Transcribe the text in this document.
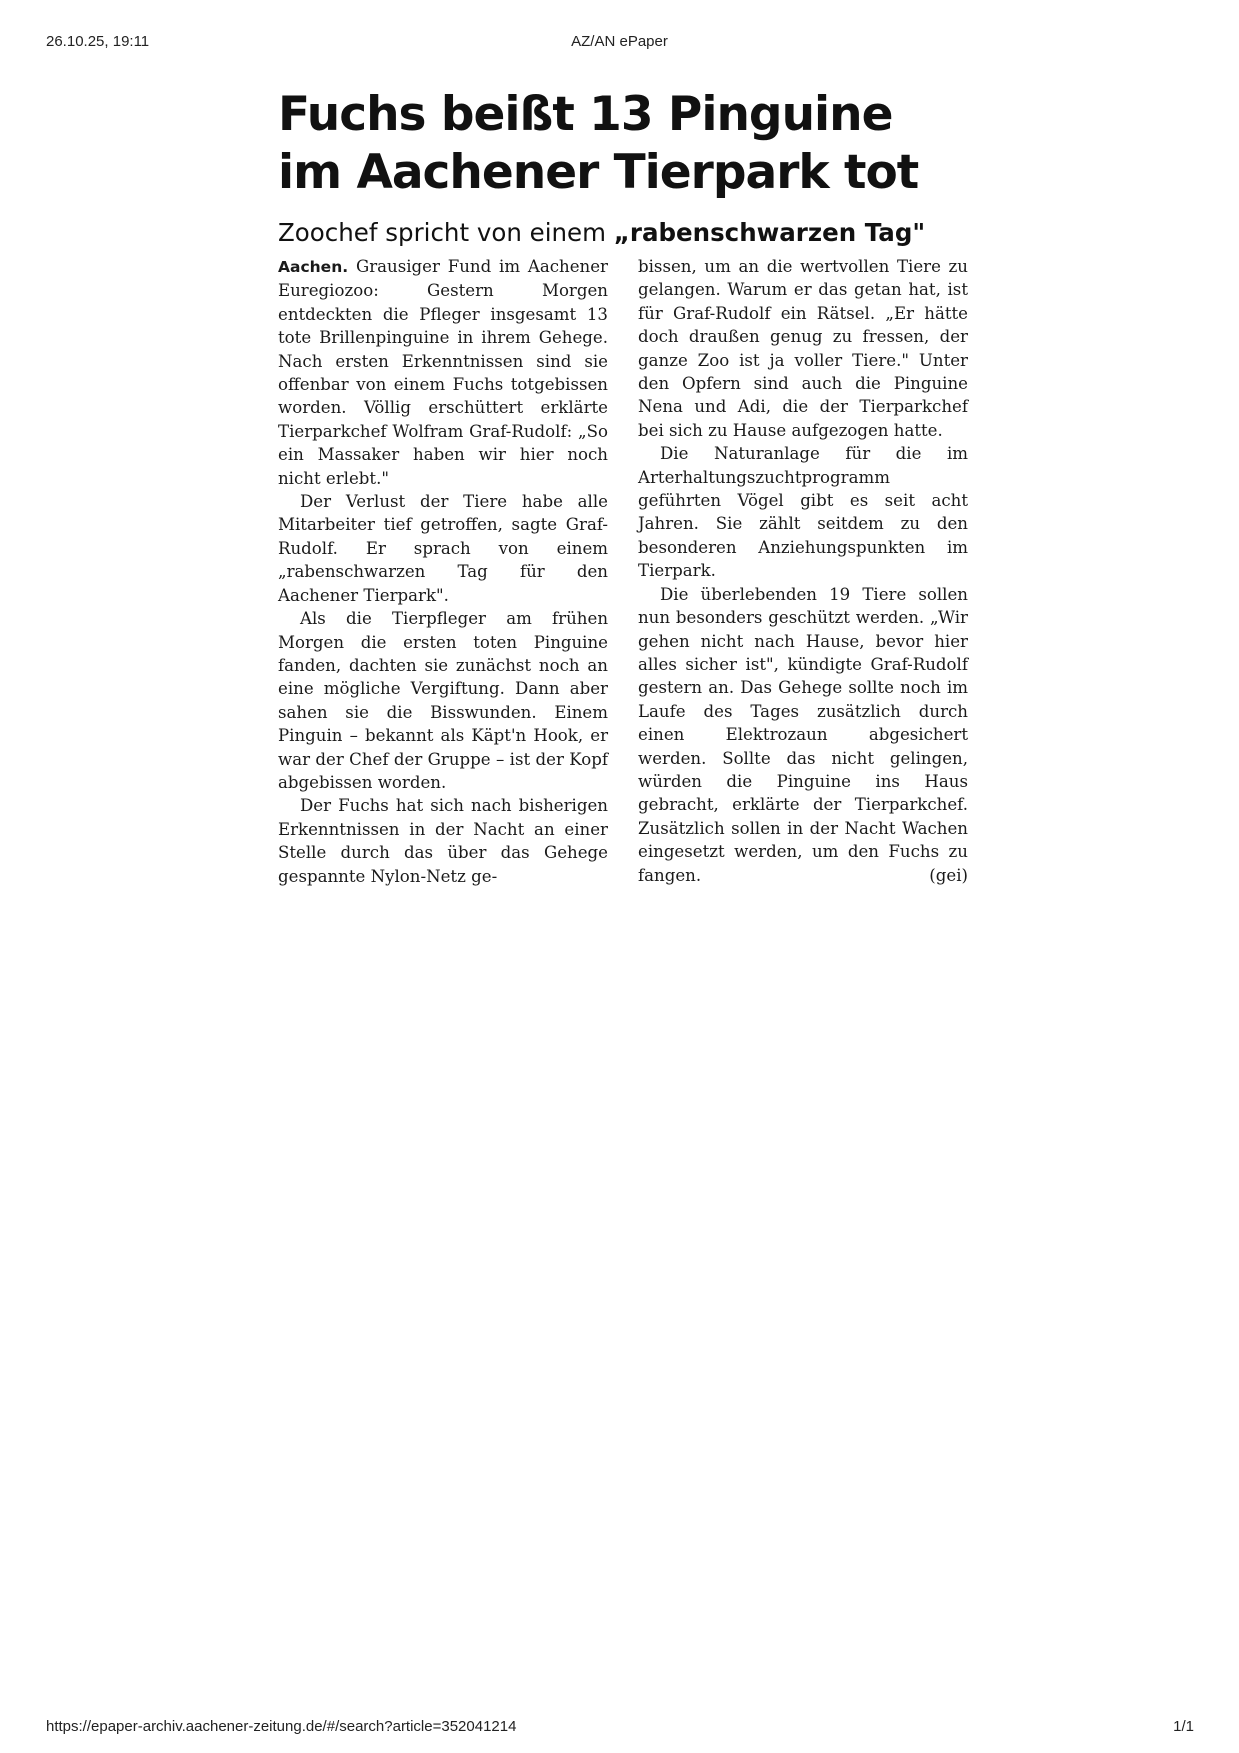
26.10.25, 19:11	AZ/AN ePaper
Fuchs beißt 13 Pinguine
im Aachener Tierpark tot
Zoochef spricht von einem „rabenschwarzen Tag"

Aachen. Grausiger Fund im Aachener Euregiozoo: Gestern Morgen entdeckten die Pfleger insgesamt 13 tote Brillenpinguine in ihrem Gehege. Nach ersten Erkenntnissen sind sie offenbar von einem Fuchs totgebissen worden. Völlig erschüttert erklärte Tierparkchef Wolfram Graf-Rudolf: „So ein Massaker haben wir hier noch nicht erlebt."

Der Verlust der Tiere habe alle Mitarbeiter tief getroffen, sagte Graf-Rudolf. Er sprach von einem „rabenschwarzen Tag für den Aachener Tierpark".

Als die Tierpfleger am frühen Morgen die ersten toten Pinguine fanden, dachten sie zunächst noch an eine mögliche Vergiftung. Dann aber sahen sie die Bisswunden. Einem Pinguin – bekannt als Käpt'n Hook, er war der Chef der Gruppe – ist der Kopf abgebissen worden.

Der Fuchs hat sich nach bisherigen Erkenntnissen in der Nacht an einer Stelle durch das über das Gehege gespannte Nylon-Netz ge-

bissen, um an die wertvollen Tiere zu gelangen. Warum er das getan hat, ist für Graf-Rudolf ein Rätsel. „Er hätte doch draußen genug zu fressen, der ganze Zoo ist ja voller Tiere." Unter den Opfern sind auch die Pinguine Nena und Adi, die der Tierparkchef bei sich zu Hause aufgezogen hatte.

Die Naturanlage für die im Arterhaltungszuchtprogramm geführten Vögel gibt es seit acht Jahren. Sie zählt seitdem zu den besonderen Anziehungspunkten im Tierpark.

Die überlebenden 19 Tiere sollen nun besonders geschützt werden. „Wir gehen nicht nach Hause, bevor hier alles sicher ist", kündigte Graf-Rudolf gestern an. Das Gehege sollte noch im Laufe des Tages zusätzlich durch einen Elektrozaun abgesichert werden. Sollte das nicht gelingen, würden die Pinguine ins Haus gebracht, erklärte der Tierparkchef. Zusätzlich sollen in der Nacht Wachen eingesetzt werden, um den Fuchs zu fangen.	(gei)

https://epaper-archiv.aachener-zeitung.de/#/search?article=352041214	1/1
